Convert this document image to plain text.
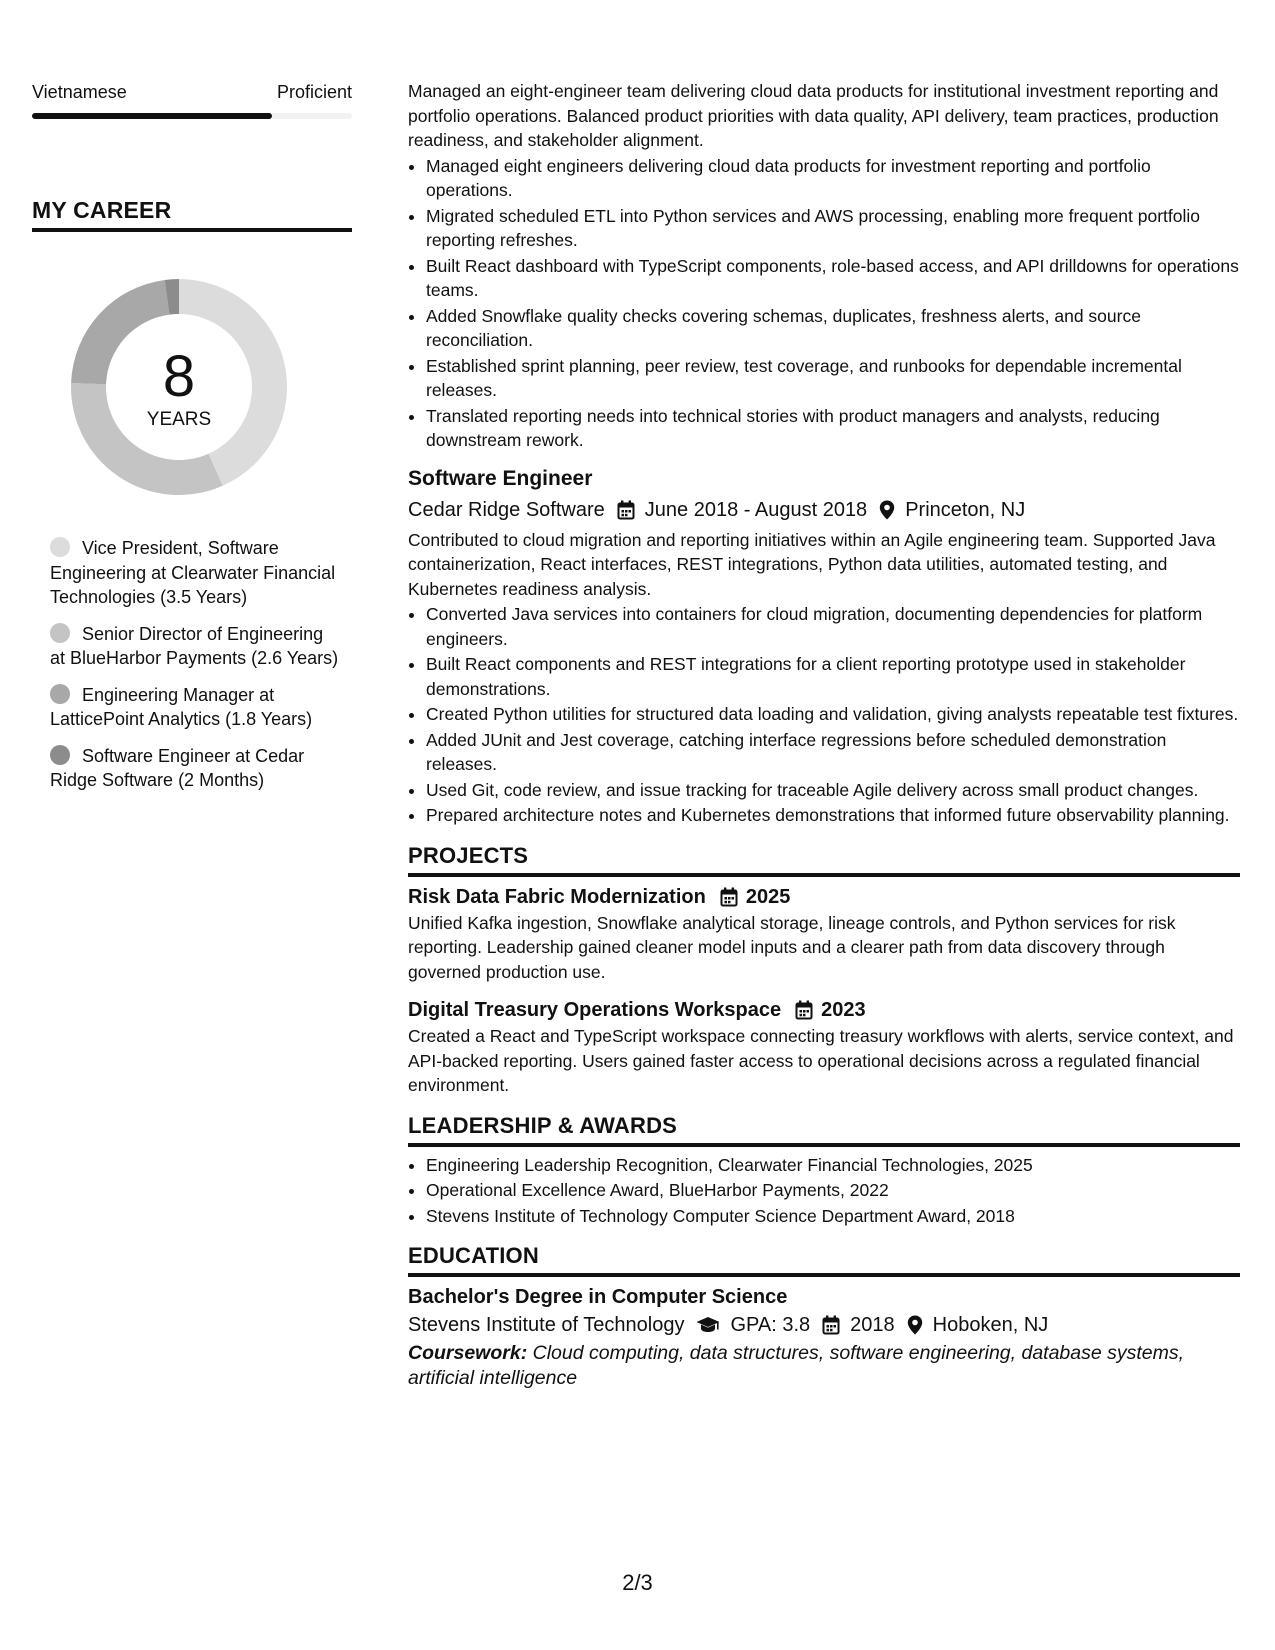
Vietnamese	Proficient
MY CAREER
8
YEARS
Vice President, Software Engineering at Clearwater Financial Technologies (3.5 Years)
Senior Director of Engineering at BlueHarbor Payments (2.6 Years)
Engineering Manager at LatticePoint Analytics (1.8 Years)
Software Engineer at Cedar Ridge Software (2 Months)

Managed an eight-engineer team delivering cloud data products for institutional investment reporting and portfolio operations. Balanced product priorities with data quality, API delivery, team practices, production readiness, and stakeholder alignment.

• Managed eight engineers delivering cloud data products for investment reporting and portfolio operations.
• Migrated scheduled ETL into Python services and AWS processing, enabling more frequent portfolio reporting refreshes.
• Built React dashboard with TypeScript components, role-based access, and API drilldowns for operations teams.
• Added Snowflake quality checks covering schemas, duplicates, freshness alerts, and source reconciliation.
• Established sprint planning, peer review, test coverage, and runbooks for dependable incremental releases.
• Translated reporting needs into technical stories with product managers and analysts, reducing downstream rework.
Software Engineer
Cedar Ridge Software June 2018 - August 2018 Princeton, NJ

Contributed to cloud migration and reporting initiatives within an Agile engineering team. Supported Java containerization, React interfaces, REST integrations, Python data utilities, automated testing, and Kubernetes readiness analysis.

• Converted Java services into containers for cloud migration, documenting dependencies for platform engineers.
• Built React components and REST integrations for a client reporting prototype used in stakeholder demonstrations.
• Created Python utilities for structured data loading and validation, giving analysts repeatable test fixtures.
• Added JUnit and Jest coverage, catching interface regressions before scheduled demonstration releases.
• Used Git, code review, and issue tracking for traceable Agile delivery across small product changes.
• Prepared architecture notes and Kubernetes demonstrations that informed future observability planning.
PROJECTS
Risk Data Fabric Modernization 2025

Unified Kafka ingestion, Snowflake analytical storage, lineage controls, and Python services for risk reporting. Leadership gained cleaner model inputs and a clearer path from data discovery through governed production use.

Digital Treasury Operations Workspace 2023

Created a React and TypeScript workspace connecting treasury workflows with alerts, service context, and API-backed reporting. Users gained faster access to operational decisions across a regulated financial environment.

LEADERSHIP & AWARDS
• Engineering Leadership Recognition, Clearwater Financial Technologies, 2025
• Operational Excellence Award, BlueHarbor Payments, 2022
• Stevens Institute of Technology Computer Science Department Award, 2018
EDUCATION
Bachelor's Degree in Computer Science
Stevens Institute of Technology GPA: 3.8 2018 Hoboken, NJ
Coursework: Cloud computing, data structures, software engineering, database systems, artificial intelligence
2/3
